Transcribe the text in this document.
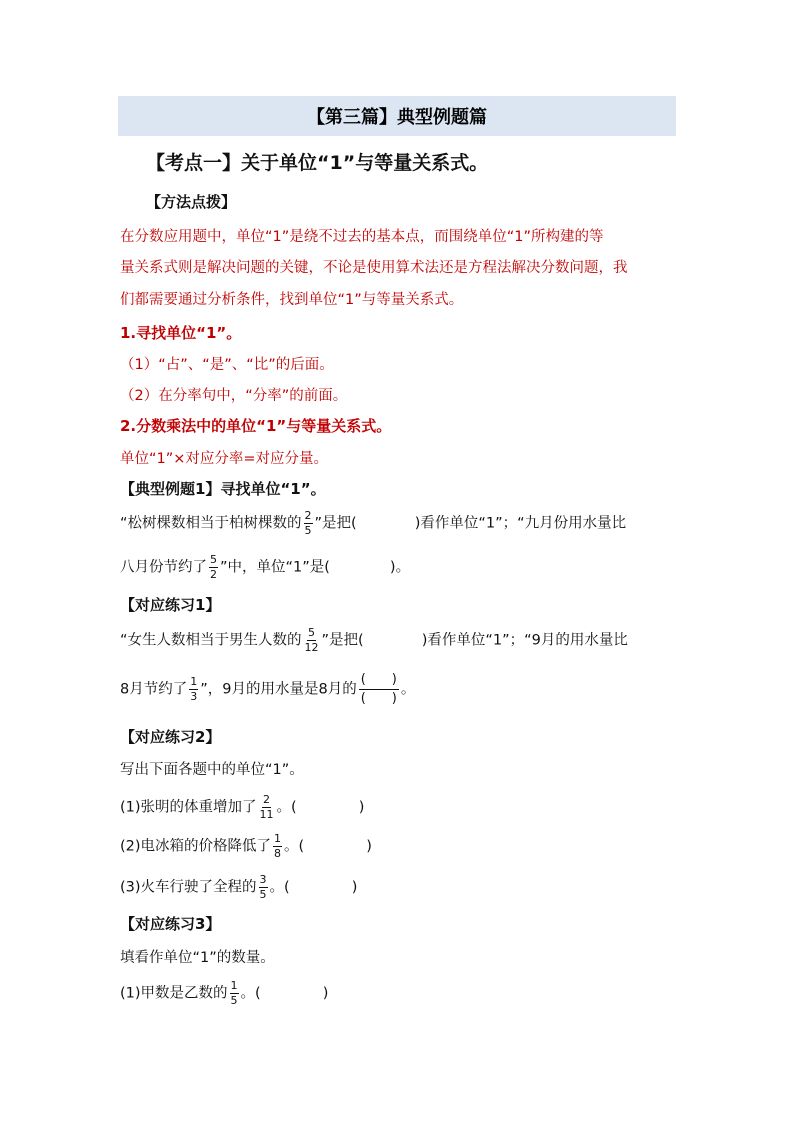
【第三篇】典型例题篇
【考点一】关于单位“1”与等量关系式。
【方法点拨】
在分数应用题中，单位“1”是绕不过去的基本点，而围绕单位“1”所构建的等
量关系式则是解决问题的关键，不论是使用算术法还是方程法解决分数问题，我
们都需要通过分析条件，找到单位“1”与等量关系式。
1.寻找单位“1”。
（1）“占”、“是”、“比”的后面。
（2）在分率句中，“分率”的前面。
2.分数乘法中的单位“1”与等量关系式。
单位“1”×对应分率=对应分量。
【典型例题1】寻找单位“1”。
“松树棵数相当于柏树棵数的 $\frac{2}{5}$ ”是把(	)看作单位“1”；“九月份用水量比
八月份节约了 $\frac{5}{2}$ ”中，单位“1”是(	)。
【对应练习1】
“女生人数相当于男生人数的 $\frac{5}{12}$ ”是把(	)看作单位“1”；“9月的用水量比
8月节约了 $\frac{1}{3}$ ”，9月的用水量是8月的 $\frac{( )}{( )}$ 。
【对应练习2】
写出下面各题中的单位“1”。
(1)张明的体重增加了 $\frac{2}{11}$ 。(	)
(2)电冰箱的价格降低了 $\frac{1}{8}$ 。(	)
(3)火车行驶了全程的 $\frac{3}{5}$ 。(	)
【对应练习3】
填看作单位“1”的数量。
(1)甲数是乙数的 $\frac{1}{5}$ 。(	)
